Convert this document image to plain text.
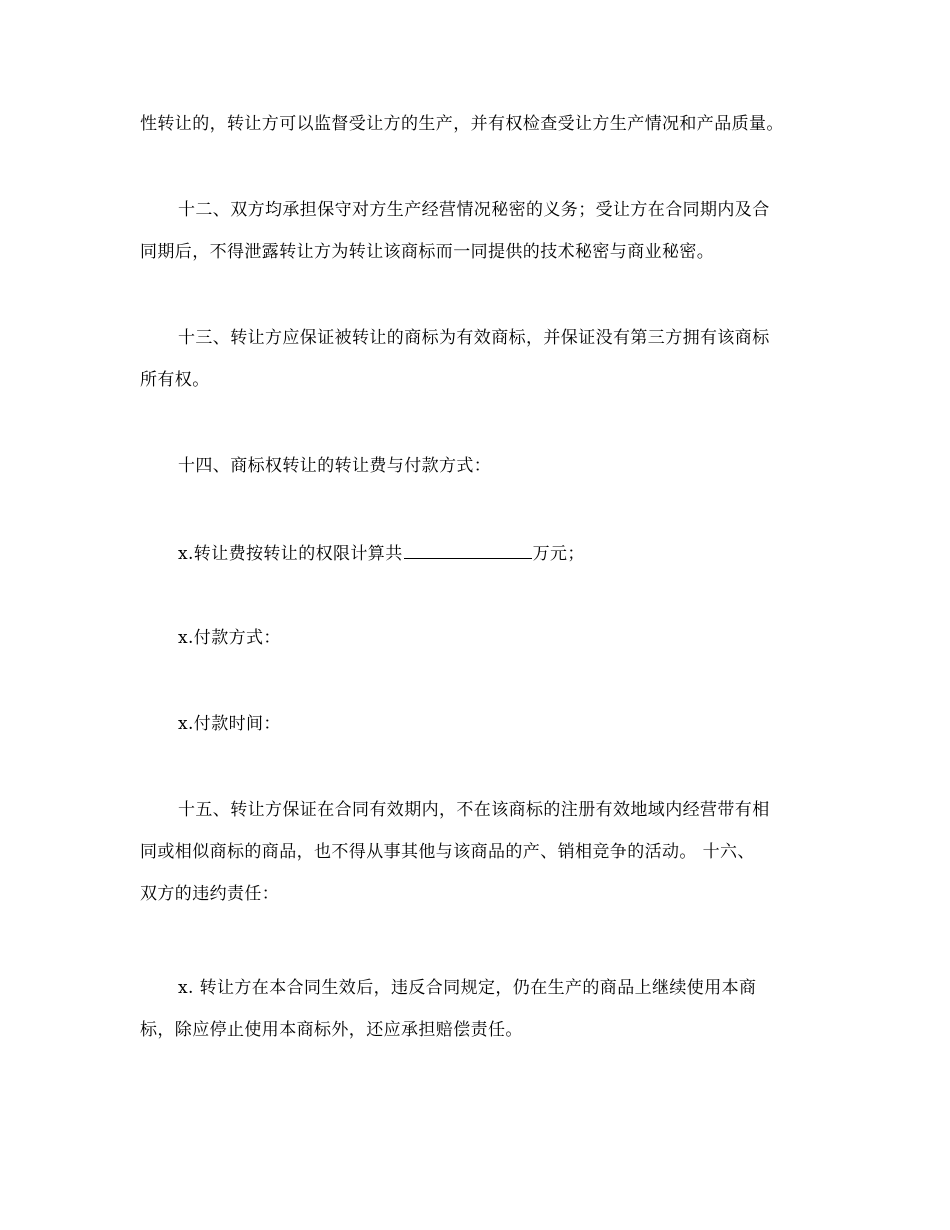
性转让的，转让方可以监督受让方的生产，并有权检查受让方生产情况和产品质量。
十二、双方均承担保守对方生产经营情况秘密的义务；受让方在合同期内及合
同期后，不得泄露转让方为转让该商标而一同提供的技术秘密与商业秘密。
十三、转让方应保证被转让的商标为有效商标，并保证没有第三方拥有该商标
所有权。
十四、商标权转让的转让费与付款方式：
x.转让费按转让的权限计算共	万元；
x.付款方式：
x.付款时间：
十五、转让方保证在合同有效期内，不在该商标的注册有效地域内经营带有相
同或相似商标的商品，也不得从事其他与该商品的产、销相竞争的活动。 十六、
双方的违约责任：
x. 转让方在本合同生效后，违反合同规定，仍在生产的商品上继续使用本商
标，除应停止使用本商标外，还应承担赔偿责任。
